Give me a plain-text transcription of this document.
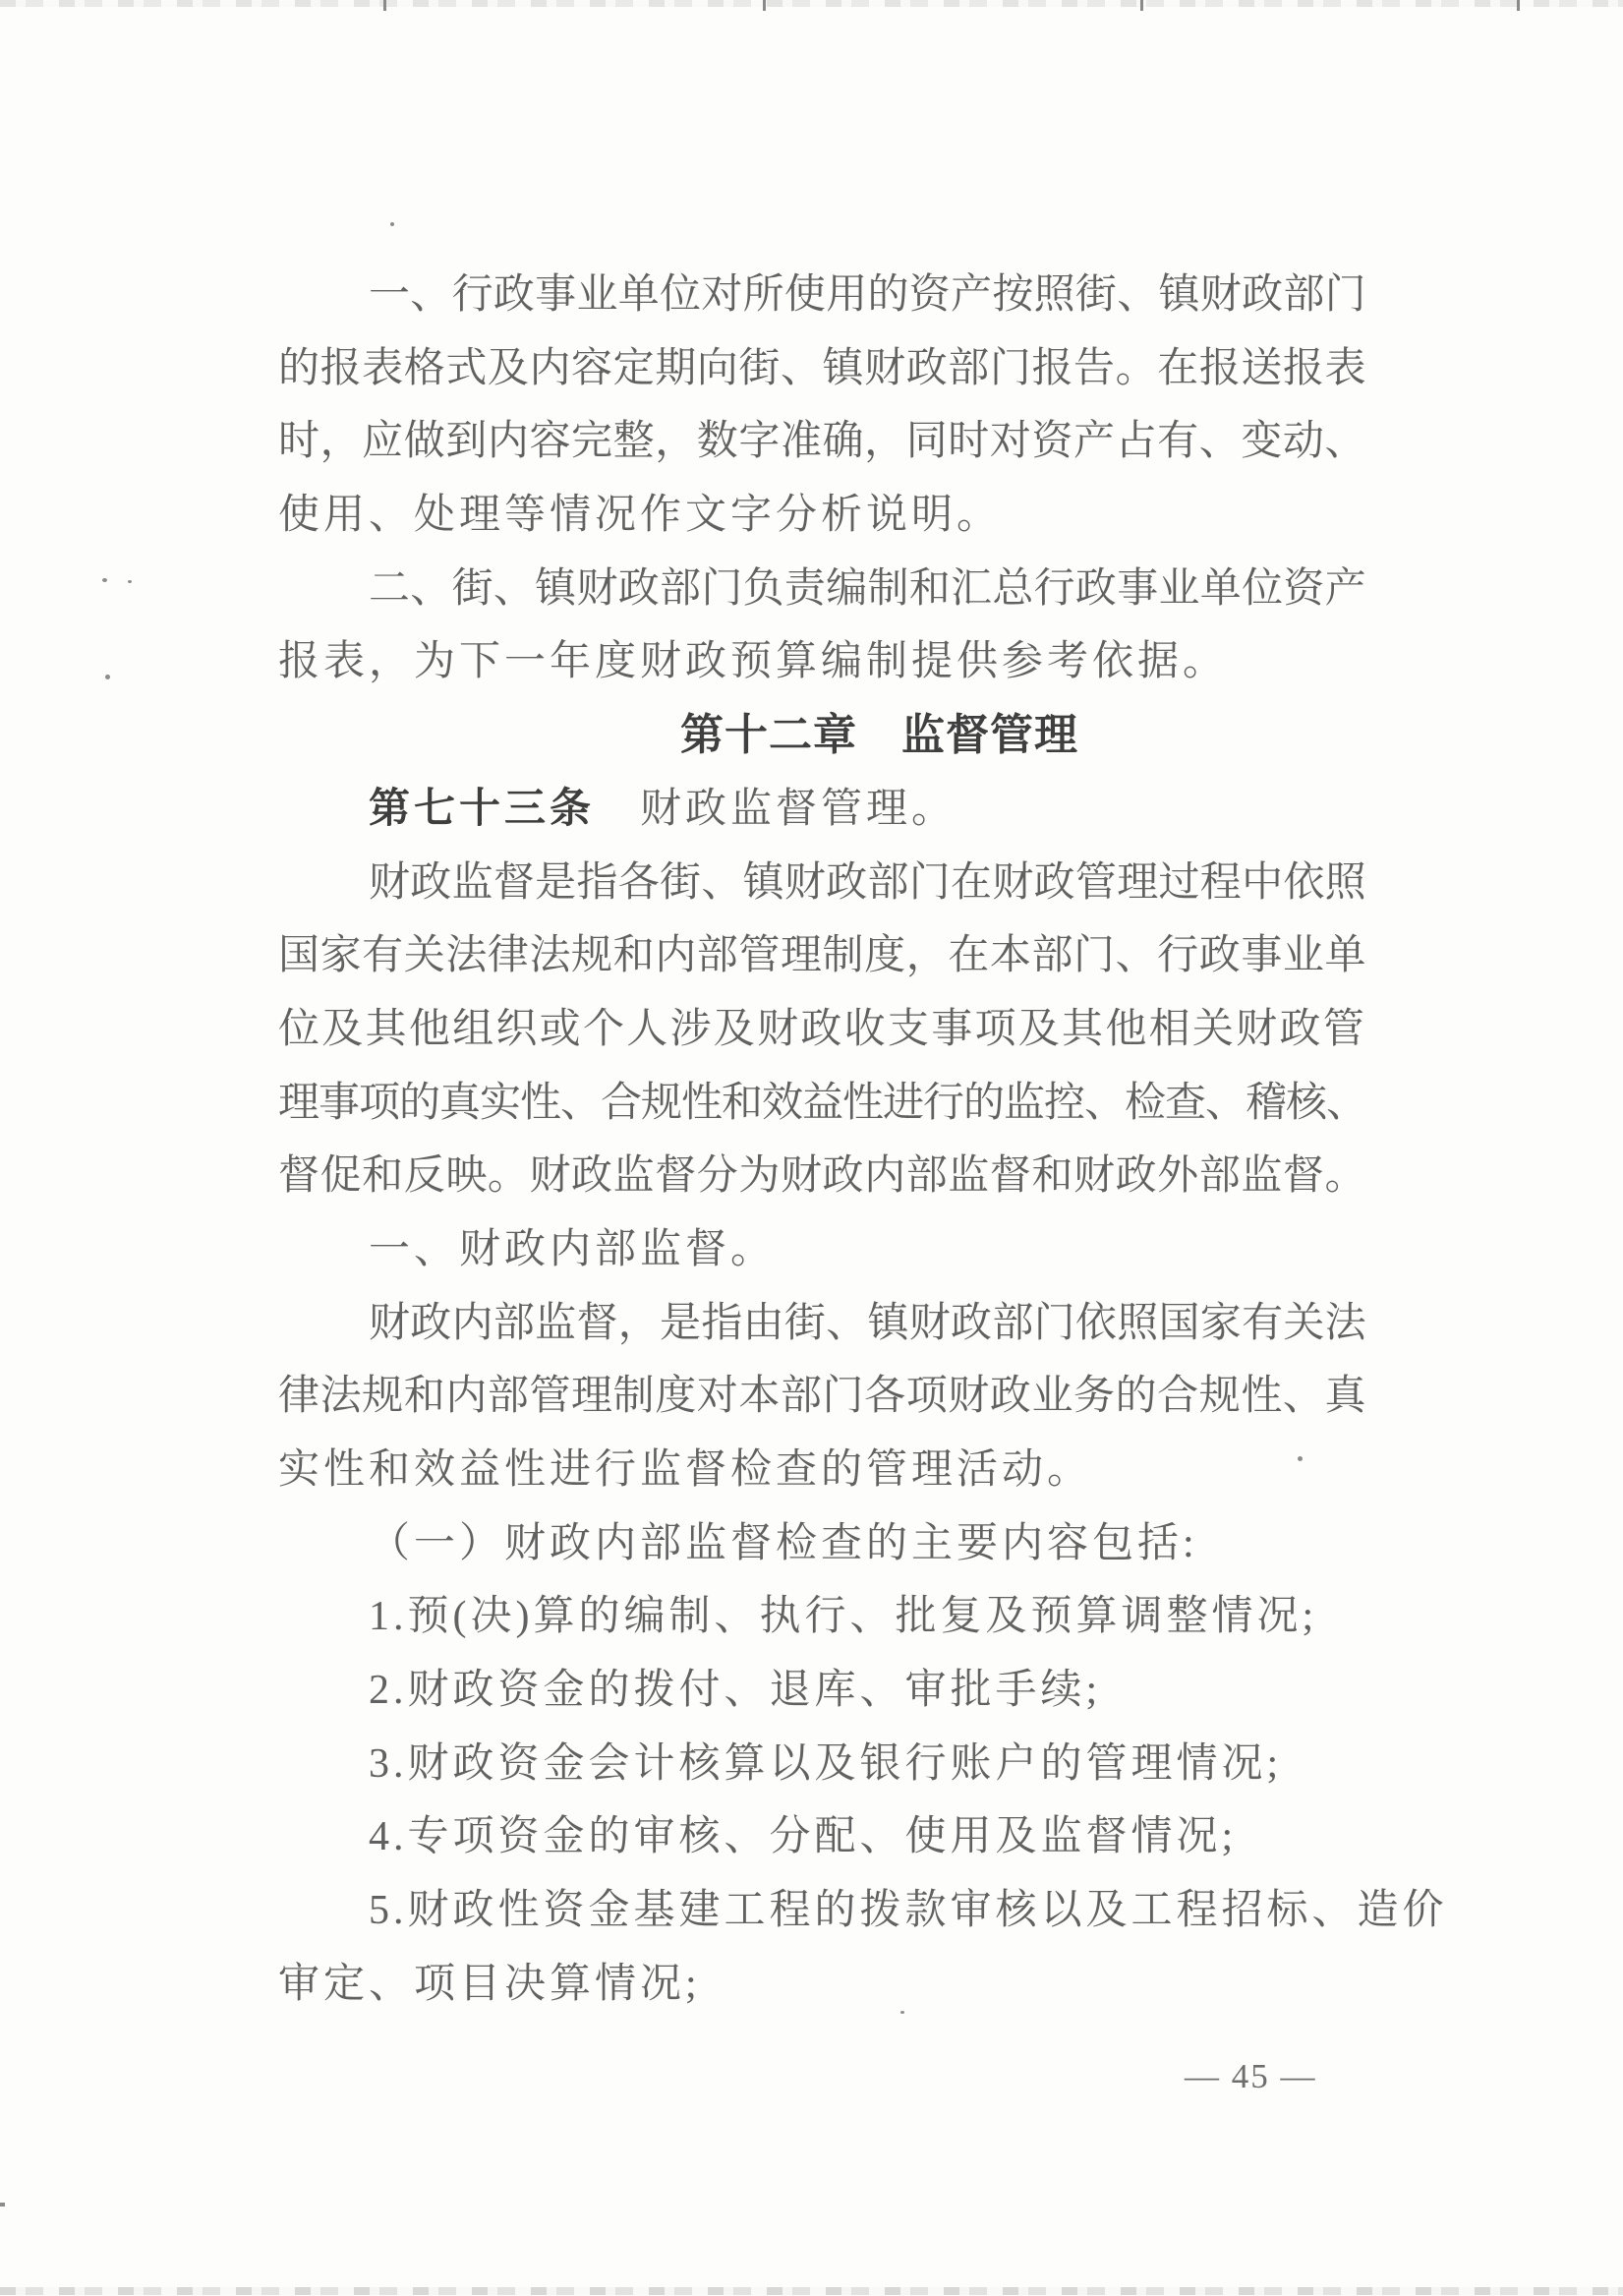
一、行政事业单位对所使用的资产按照街、镇财政部门
的报表格式及内容定期向街、镇财政部门报告。在报送报表
时，应做到内容完整，数字准确，同时对资产占有、变动、
使用、处理等情况作文字分析说明。
二、街、镇财政部门负责编制和汇总行政事业单位资产
报表，为下一年度财政预算编制提供参考依据。
第十二章　监督管理
第七十三条　财政监督管理。
财政监督是指各街、镇财政部门在财政管理过程中依照
国家有关法律法规和内部管理制度，在本部门、行政事业单
位及其他组织或个人涉及财政收支事项及其他相关财政管
理事项的真实性、合规性和效益性进行的监控、检查、稽核、
督促和反映。财政监督分为财政内部监督和财政外部监督。
一、财政内部监督。
财政内部监督，是指由街、镇财政部门依照国家有关法
律法规和内部管理制度对本部门各项财政业务的合规性、真
实性和效益性进行监督检查的管理活动。
（一）财政内部监督检查的主要内容包括:
1.预(决)算的编制、执行、批复及预算调整情况;
2.财政资金的拨付、退库、审批手续;
3.财政资金会计核算以及银行账户的管理情况;
4.专项资金的审核、分配、使用及监督情况;
5.财政性资金基建工程的拨款审核以及工程招标、造价
审定、项目决算情况;
— 45 —
